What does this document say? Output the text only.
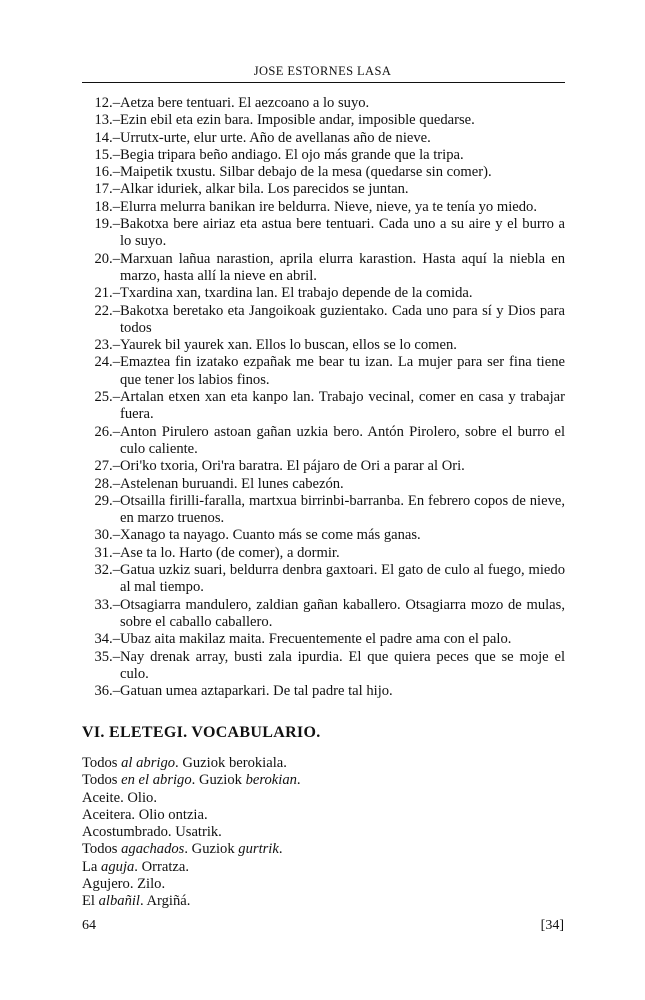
JOSE ESTORNES LASA
12 .– Aetza bere tentuari. El aezcoano a lo suyo.
13 .– Ezin ebil eta ezin bara. Imposible andar, imposible quedarse.
14 .– Urrutx-urte, elur urte. Año de avellanas año de nieve.
15 .– Begia tripara beño andiago. El ojo más grande que la tripa.
16 .– Maipetik txustu. Silbar debajo de la mesa (quedarse sin comer).
17 .– Alkar iduriek, alkar bila. Los parecidos se juntan.
18 .– Elurra melurra banikan ire beldurra. Nieve, nieve, ya te tenía yo miedo.
19 .– Bakotxa bere airiaz eta astua bere tentuari. Cada uno a su aire y el burro a lo suyo.
20 .– Marxuan lañua narastion, aprila elurra karastion. Hasta aquí la niebla en marzo, hasta allí la nieve en abril.
21 .– Txardina xan, txardina lan. El trabajo depende de la comida.
22 .– Bakotxa beretako eta Jangoikoak guzientako. Cada uno para sí y Dios para todos
23 .– Yaurek bil yaurek xan. Ellos lo buscan, ellos se lo comen.
24 .– Emaztea fin izatako ezpañak me bear tu izan. La mujer para ser fina tiene que tener los labios finos.
25 .– Artalan etxen xan eta kanpo lan. Trabajo vecinal, comer en casa y trabajar fuera.
26 .– Anton Pirulero astoan gañan uzkia bero. Antón Pirolero, sobre el burro el culo caliente.
27 .– Ori'ko txoria, Ori'ra baratra. El pájaro de Ori a parar al Ori.
28 .– Astelenan buruandi. El lunes cabezón.
29 .– Otsailla firilli-faralla, martxua birrinbi-barranba. En febrero copos de nieve, en marzo truenos.
30 .– Xanago ta nayago. Cuanto más se come más ganas.
31 .– Ase ta lo. Harto (de comer), a dormir.
32 .– Gatua uzkiz suari, beldurra denbra gaxtoari. El gato de culo al fuego, miedo al mal tiempo.
33 .– Otsagiarra mandulero, zaldian gañan kaballero. Otsagiarra mozo de mulas, sobre el caballo caballero.
34 .– Ubaz aita makilaz maita. Frecuentemente el padre ama con el palo.
35 .– Nay drenak array, busti zala ipurdia. El que quiera peces que se moje el culo.
36 .– Gatuan umea aztaparkari. De tal padre tal hijo.
VI. ELETEGI. VOCABULARIO.
Todos al abrigo. Guziok berokiala.
Todos en el abrigo. Guziok berokian.
Aceite. Olio.
Aceitera. Olio ontzia.
Acostumbrado. Usatrik.
Todos agachados. Guziok gurtrik.
La aguja. Orratza.
Agujero. Zilo.
El albañil. Argiñá.
64	[34]
